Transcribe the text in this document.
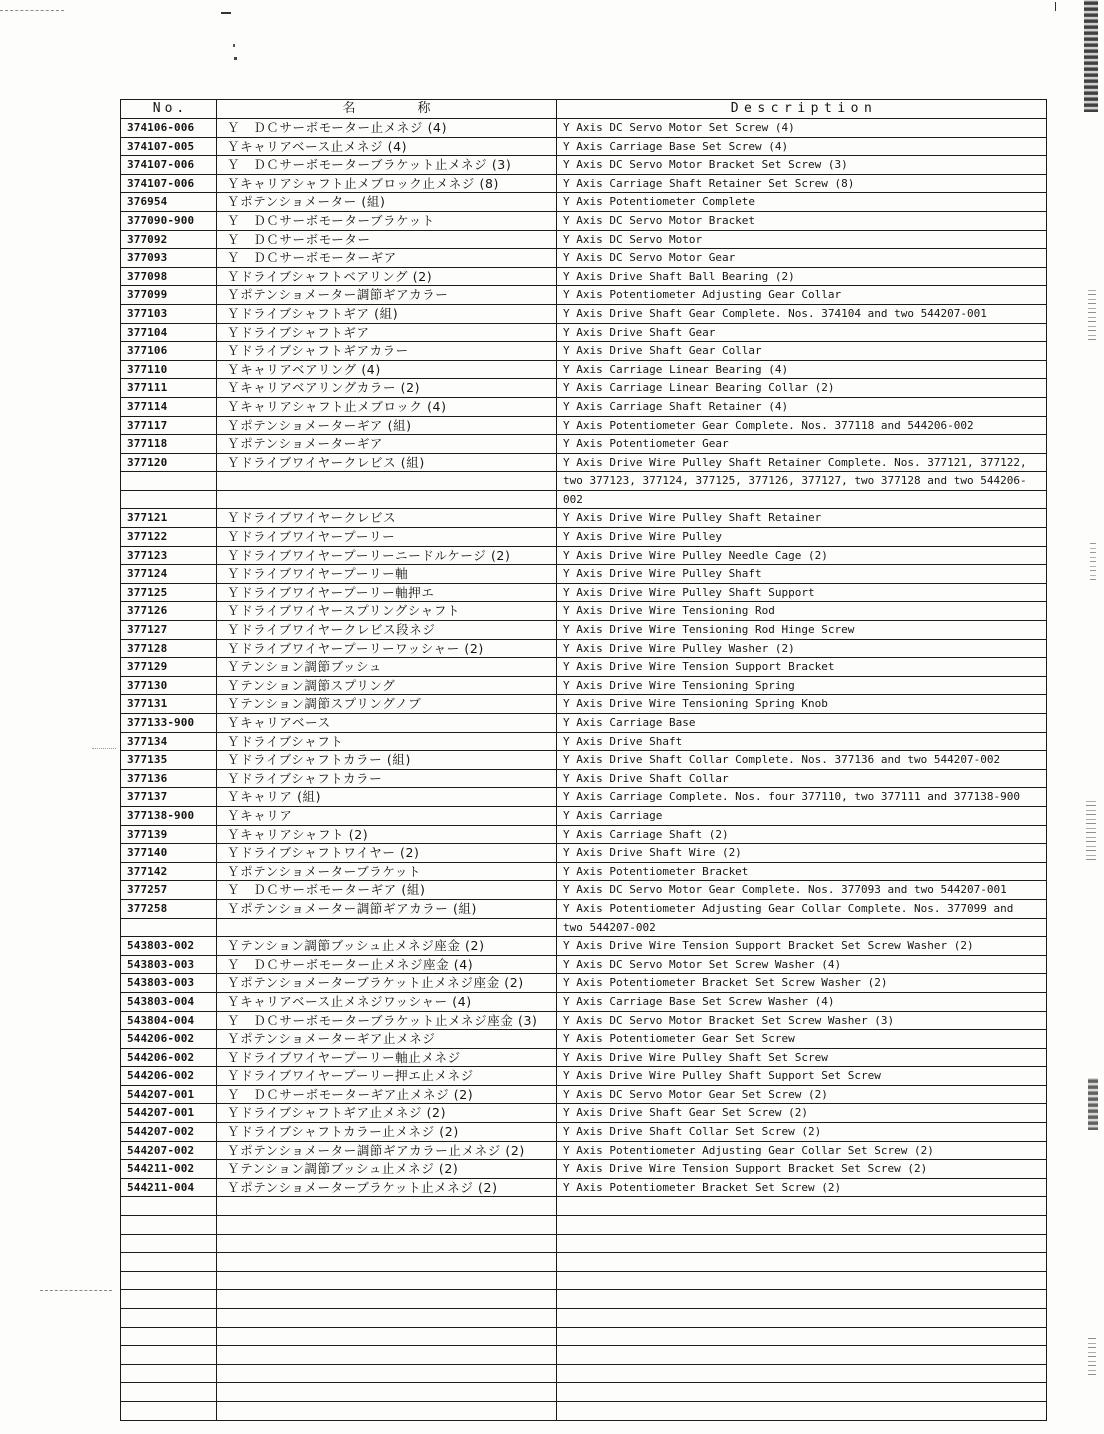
No.	名称	Description
374106-006	Ｙ　ＤＣサーボモーター止メネジ (4)	Y Axis DC Servo Motor Set Screw (4)
374107-005	Ｙキャリアベース止メネジ (4)	Y Axis Carriage Base Set Screw (4)
374107-006	Ｙ　ＤＣサーボモーターブラケット止メネジ (3)	Y Axis DC Servo Motor Bracket Set Screw (3)
374107-006	Ｙキャリアシャフト止メブロック止メネジ (8)	Y Axis Carriage Shaft Retainer Set Screw (8)
376954	Ｙポテンショメーター (組)	Y Axis Potentiometer Complete
377090-900	Ｙ　ＤＣサーボモーターブラケット	Y Axis DC Servo Motor Bracket
377092	Ｙ　ＤＣサーボモーター	Y Axis DC Servo Motor
377093	Ｙ　ＤＣサーボモーターギア	Y Axis DC Servo Motor Gear
377098	Ｙドライブシャフトベアリング (2)	Y Axis Drive Shaft Ball Bearing (2)
377099	Ｙポテンショメーター調節ギアカラー	Y Axis Potentiometer Adjusting Gear Collar
377103	Ｙドライブシャフトギア (組)	Y Axis Drive Shaft Gear Complete. Nos. 374104 and two 544207-001
377104	Ｙドライブシャフトギア	Y Axis Drive Shaft Gear
377106	Ｙドライブシャフトギアカラー	Y Axis Drive Shaft Gear Collar
377110	Ｙキャリアベアリング (4)	Y Axis Carriage Linear Bearing (4)
377111	Ｙキャリアベアリングカラー (2)	Y Axis Carriage Linear Bearing Collar (2)
377114	Ｙキャリアシャフト止メブロック (4)	Y Axis Carriage Shaft Retainer (4)
377117	Ｙポテンショメーターギア (組)	Y Axis Potentiometer Gear Complete. Nos. 377118 and 544206-002
377118	Ｙポテンショメーターギア	Y Axis Potentiometer Gear
377120	Ｙドライブワイヤークレビス (組)	Y Axis Drive Wire Pulley Shaft Retainer Complete. Nos. 377121, 377122,
two 377123, 377124, 377125, 377126, 377127, two 377128 and two 544206-
002
377121	Ｙドライブワイヤークレビス	Y Axis Drive Wire Pulley Shaft Retainer
377122	Ｙドライブワイヤープーリー	Y Axis Drive Wire Pulley
377123	Ｙドライブワイヤープーリーニードルケージ (2)	Y Axis Drive Wire Pulley Needle Cage (2)
377124	Ｙドライブワイヤープーリー軸	Y Axis Drive Wire Pulley Shaft
377125	Ｙドライブワイヤープーリー軸押エ	Y Axis Drive Wire Pulley Shaft Support
377126	Ｙドライブワイヤースプリングシャフト	Y Axis Drive Wire Tensioning Rod
377127	Ｙドライブワイヤークレビス段ネジ	Y Axis Drive Wire Tensioning Rod Hinge Screw
377128	Ｙドライブワイヤープーリーワッシャー (2)	Y Axis Drive Wire Pulley Washer (2)
377129	Ｙテンション調節ブッシュ	Y Axis Drive Wire Tension Support Bracket
377130	Ｙテンション調節スプリング	Y Axis Drive Wire Tensioning Spring
377131	Ｙテンション調節スプリングノブ	Y Axis Drive Wire Tensioning Spring Knob
377133-900	Ｙキャリアベース	Y Axis Carriage Base
377134	Ｙドライブシャフト	Y Axis Drive Shaft
377135	Ｙドライブシャフトカラー (組)	Y Axis Drive Shaft Collar Complete. Nos. 377136 and two 544207-002
377136	Ｙドライブシャフトカラー	Y Axis Drive Shaft Collar
377137	Ｙキャリア (組)	Y Axis Carriage Complete. Nos. four 377110, two 377111 and 377138-900
377138-900	Ｙキャリア	Y Axis Carriage
377139	Ｙキャリアシャフト (2)	Y Axis Carriage Shaft (2)
377140	Ｙドライブシャフトワイヤー (2)	Y Axis Drive Shaft Wire (2)
377142	Ｙポテンショメーターブラケット	Y Axis Potentiometer Bracket
377257	Ｙ　ＤＣサーボモーターギア (組)	Y Axis DC Servo Motor Gear Complete. Nos. 377093 and two 544207-001
377258	Ｙポテンショメーター調節ギアカラー (組)	Y Axis Potentiometer Adjusting Gear Collar Complete. Nos. 377099 and
two 544207-002
543803-002	Ｙテンション調節ブッシュ止メネジ座金 (2)	Y Axis Drive Wire Tension Support Bracket Set Screw Washer (2)
543803-003	Ｙ　ＤＣサーボモーター止メネジ座金 (4)	Y Axis DC Servo Motor Set Screw Washer (4)
543803-003	Ｙポテンショメーターブラケット止メネジ座金 (2)	Y Axis Potentiometer Bracket Set Screw Washer (2)
543803-004	Ｙキャリアベース止メネジワッシャー (4)	Y Axis Carriage Base Set Screw Washer (4)
543804-004	Ｙ　ＤＣサーボモーターブラケット止メネジ座金 (3)	Y Axis DC Servo Motor Bracket Set Screw Washer (3)
544206-002	Ｙポテンショメーターギア止メネジ	Y Axis Potentiometer Gear Set Screw
544206-002	Ｙドライブワイヤープーリー軸止メネジ	Y Axis Drive Wire Pulley Shaft Set Screw
544206-002	Ｙドライブワイヤープーリー押エ止メネジ	Y Axis Drive Wire Pulley Shaft Support Set Screw
544207-001	Ｙ　ＤＣサーボモーターギア止メネジ (2)	Y Axis DC Servo Motor Gear Set Screw (2)
544207-001	Ｙドライブシャフトギア止メネジ (2)	Y Axis Drive Shaft Gear Set Screw (2)
544207-002	Ｙドライブシャフトカラー止メネジ (2)	Y Axis Drive Shaft Collar Set Screw (2)
544207-002	Ｙポテンショメーター調節ギアカラー止メネジ (2)	Y Axis Potentiometer Adjusting Gear Collar Set Screw (2)
544211-002	Ｙテンション調節ブッシュ止メネジ (2)	Y Axis Drive Wire Tension Support Bracket Set Screw (2)
544211-004	Ｙポテンショメーターブラケット止メネジ (2)	Y Axis Potentiometer Bracket Set Screw (2)
